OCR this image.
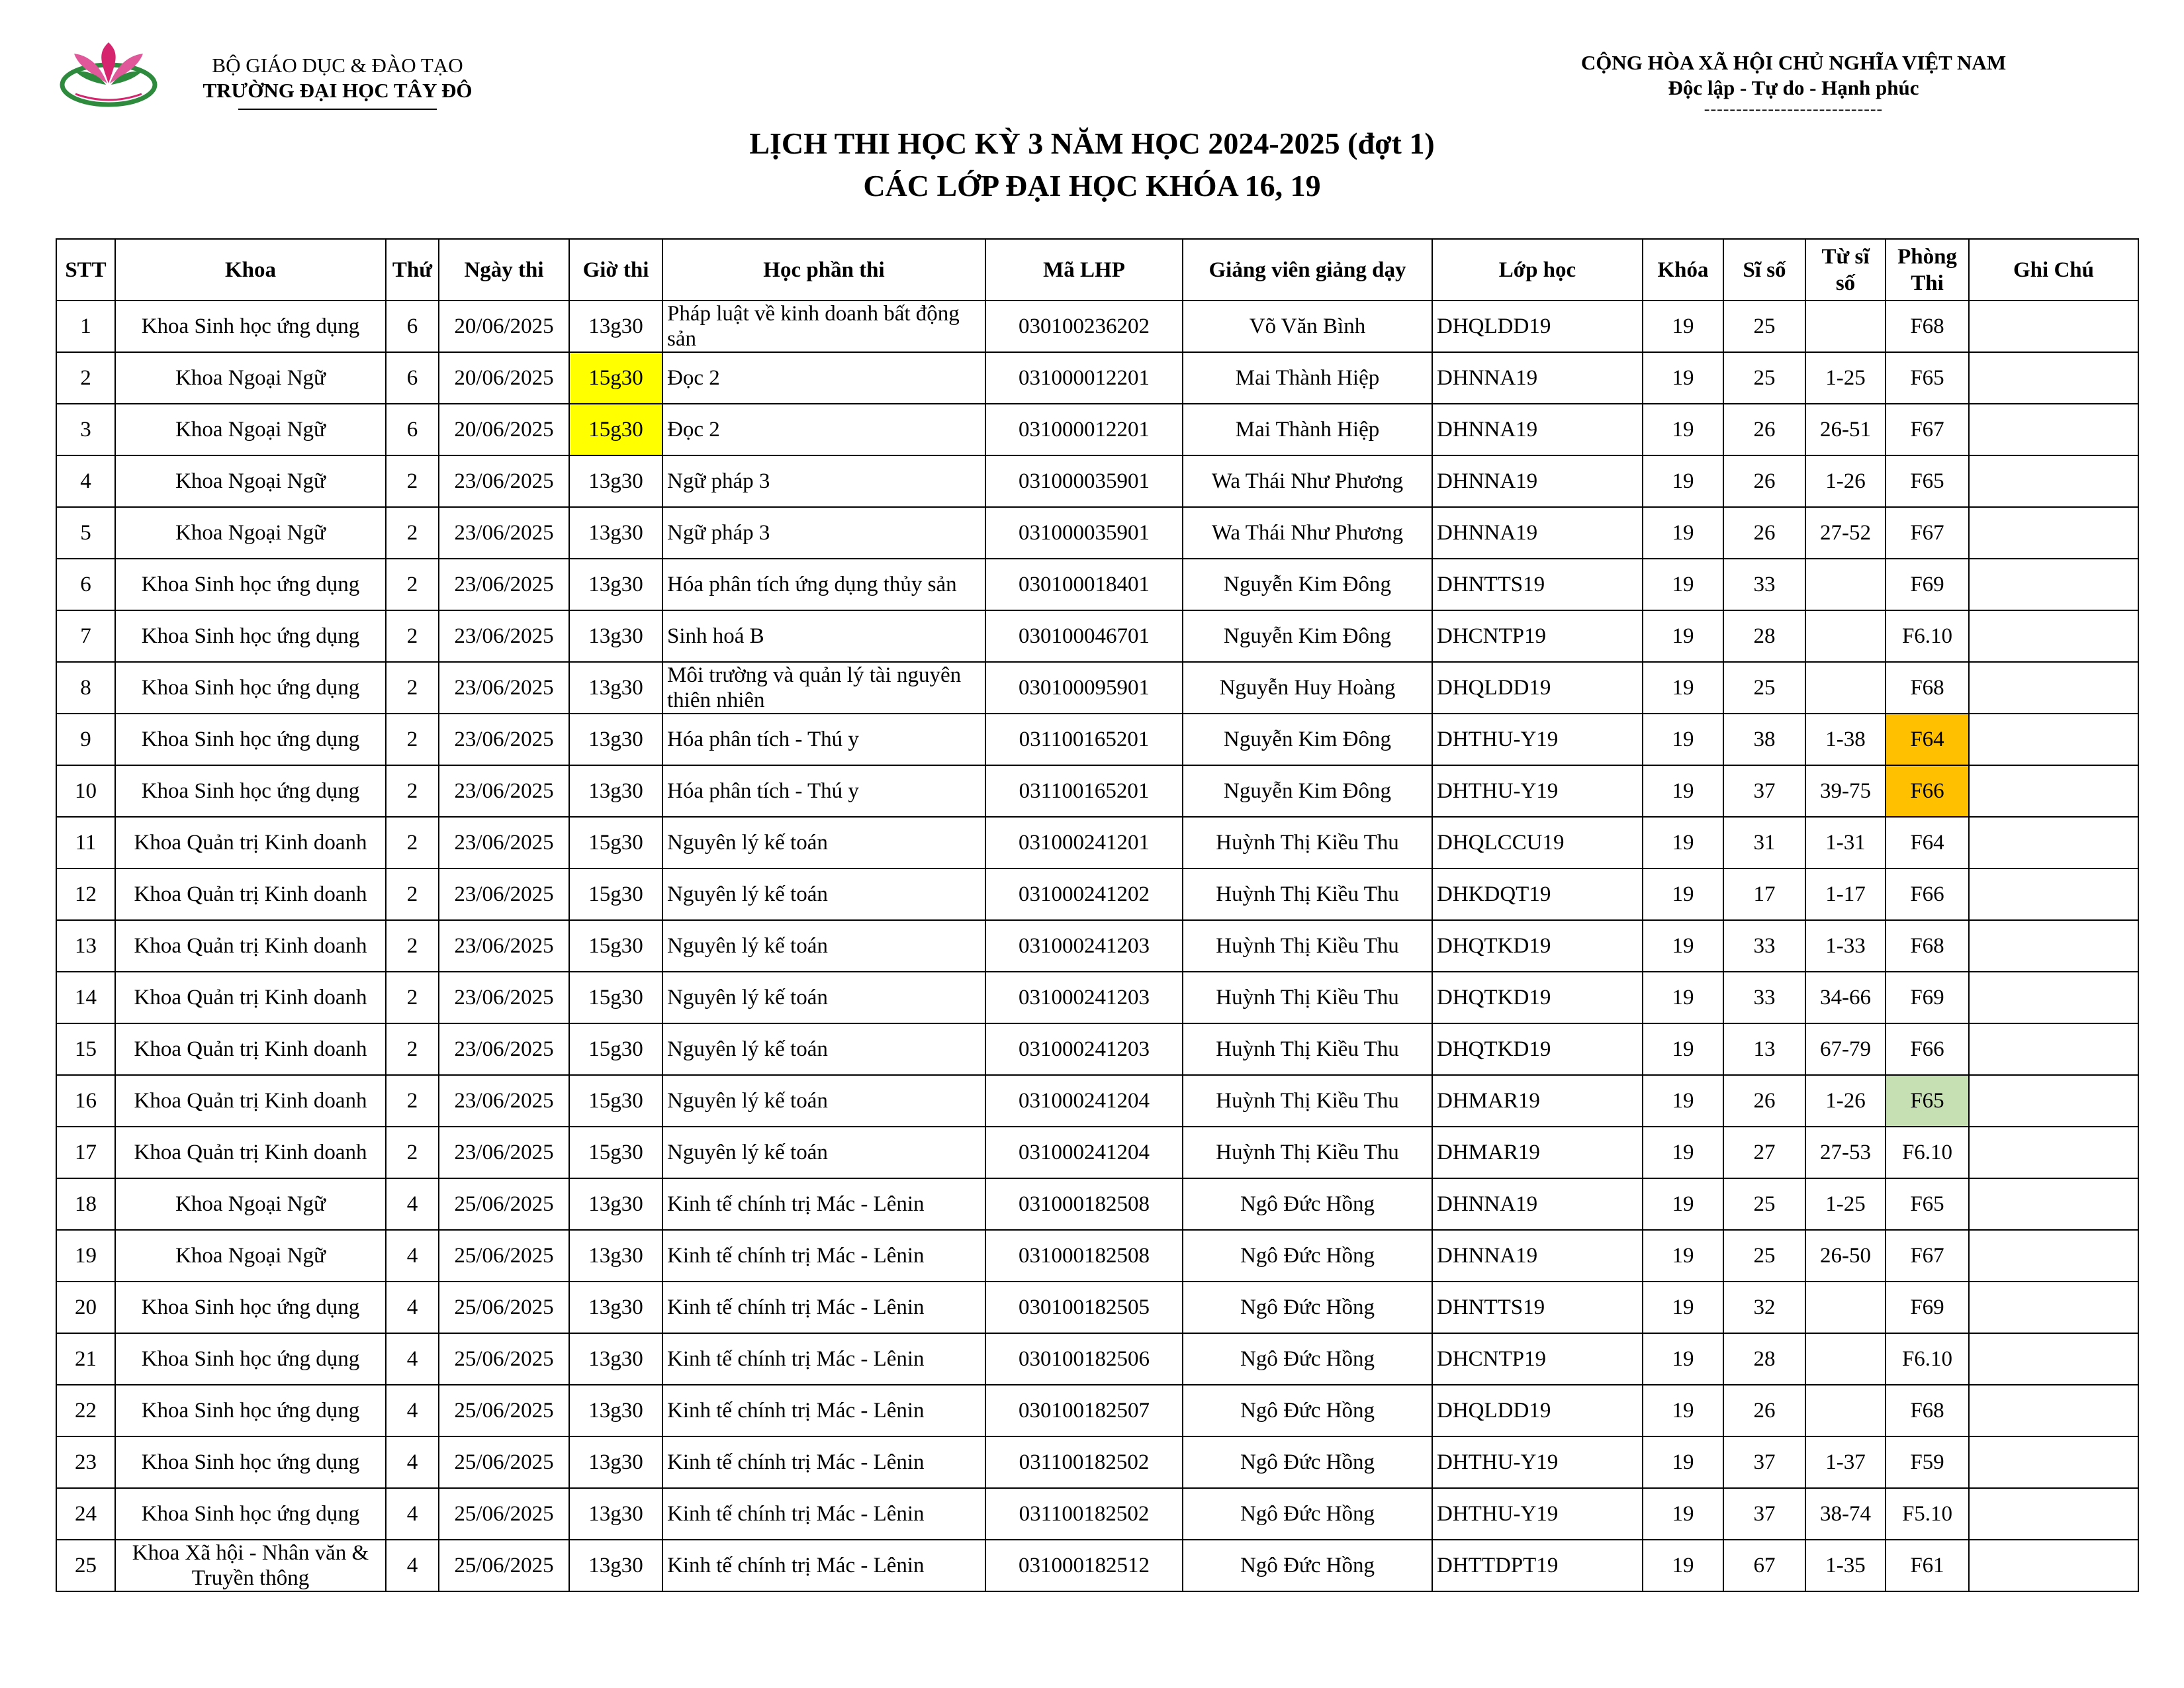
BỘ GIÁO DỤC & ĐÀO TẠO
TRƯỜNG ĐẠI HỌC TÂY ĐÔ
CỘNG HÒA XÃ HỘI CHỦ NGHĨA VIỆT NAM
Độc lập - Tự do - Hạnh phúc
----------------------------
LỊCH THI HỌC KỲ 3 NĂM HỌC 2024-2025 (đợt 1)
CÁC LỚP ĐẠI HỌC KHÓA 16, 19
STT	Khoa	Thứ	Ngày thi	Giờ thi	Học phần thi	Mã LHP	Giảng viên giảng dạy	Lớp học	Khóa	Sĩ số	Từ sĩ số	Phòng Thi	Ghi Chú
1	Khoa Sinh học ứng dụng	6	20/06/2025	13g30	Pháp luật về kinh doanh bất động sản	030100236202	Võ Văn Bình	DHQLDD19	19	25		F68	
2	Khoa Ngoại Ngữ	6	20/06/2025	15g30	Đọc 2	031000012201	Mai Thành Hiệp	DHNNA19	19	25	1-25	F65	
3	Khoa Ngoại Ngữ	6	20/06/2025	15g30	Đọc 2	031000012201	Mai Thành Hiệp	DHNNA19	19	26	26-51	F67	
4	Khoa Ngoại Ngữ	2	23/06/2025	13g30	Ngữ pháp 3	031000035901	Wa Thái Như Phương	DHNNA19	19	26	1-26	F65	
5	Khoa Ngoại Ngữ	2	23/06/2025	13g30	Ngữ pháp 3	031000035901	Wa Thái Như Phương	DHNNA19	19	26	27-52	F67	
6	Khoa Sinh học ứng dụng	2	23/06/2025	13g30	Hóa phân tích ứng dụng thủy sản	030100018401	Nguyễn Kim Đông	DHNTTS19	19	33		F69	
7	Khoa Sinh học ứng dụng	2	23/06/2025	13g30	Sinh hoá B	030100046701	Nguyễn Kim Đông	DHCNTP19	19	28		F6.10	
8	Khoa Sinh học ứng dụng	2	23/06/2025	13g30	Môi trường và quản lý tài nguyên thiên nhiên	030100095901	Nguyễn Huy Hoàng	DHQLDD19	19	25		F68	
9	Khoa Sinh học ứng dụng	2	23/06/2025	13g30	Hóa phân tích - Thú y	031100165201	Nguyễn Kim Đông	DHTHU-Y19	19	38	1-38	F64	
10	Khoa Sinh học ứng dụng	2	23/06/2025	13g30	Hóa phân tích - Thú y	031100165201	Nguyễn Kim Đông	DHTHU-Y19	19	37	39-75	F66	
11	Khoa Quản trị Kinh doanh	2	23/06/2025	15g30	Nguyên lý kế toán	031000241201	Huỳnh Thị Kiều Thu	DHQLCCU19	19	31	1-31	F64	
12	Khoa Quản trị Kinh doanh	2	23/06/2025	15g30	Nguyên lý kế toán	031000241202	Huỳnh Thị Kiều Thu	DHKDQT19	19	17	1-17	F66	
13	Khoa Quản trị Kinh doanh	2	23/06/2025	15g30	Nguyên lý kế toán	031000241203	Huỳnh Thị Kiều Thu	DHQTKD19	19	33	1-33	F68	
14	Khoa Quản trị Kinh doanh	2	23/06/2025	15g30	Nguyên lý kế toán	031000241203	Huỳnh Thị Kiều Thu	DHQTKD19	19	33	34-66	F69	
15	Khoa Quản trị Kinh doanh	2	23/06/2025	15g30	Nguyên lý kế toán	031000241203	Huỳnh Thị Kiều Thu	DHQTKD19	19	13	67-79	F66	
16	Khoa Quản trị Kinh doanh	2	23/06/2025	15g30	Nguyên lý kế toán	031000241204	Huỳnh Thị Kiều Thu	DHMAR19	19	26	1-26	F65	
17	Khoa Quản trị Kinh doanh	2	23/06/2025	15g30	Nguyên lý kế toán	031000241204	Huỳnh Thị Kiều Thu	DHMAR19	19	27	27-53	F6.10	
18	Khoa Ngoại Ngữ	4	25/06/2025	13g30	Kinh tế chính trị Mác - Lênin	031000182508	Ngô Đức Hồng	DHNNA19	19	25	1-25	F65	
19	Khoa Ngoại Ngữ	4	25/06/2025	13g30	Kinh tế chính trị Mác - Lênin	031000182508	Ngô Đức Hồng	DHNNA19	19	25	26-50	F67	
20	Khoa Sinh học ứng dụng	4	25/06/2025	13g30	Kinh tế chính trị Mác - Lênin	030100182505	Ngô Đức Hồng	DHNTTS19	19	32		F69	
21	Khoa Sinh học ứng dụng	4	25/06/2025	13g30	Kinh tế chính trị Mác - Lênin	030100182506	Ngô Đức Hồng	DHCNTP19	19	28		F6.10	
22	Khoa Sinh học ứng dụng	4	25/06/2025	13g30	Kinh tế chính trị Mác - Lênin	030100182507	Ngô Đức Hồng	DHQLDD19	19	26		F68	
23	Khoa Sinh học ứng dụng	4	25/06/2025	13g30	Kinh tế chính trị Mác - Lênin	031100182502	Ngô Đức Hồng	DHTHU-Y19	19	37	1-37	F59	
24	Khoa Sinh học ứng dụng	4	25/06/2025	13g30	Kinh tế chính trị Mác - Lênin	031100182502	Ngô Đức Hồng	DHTHU-Y19	19	37	38-74	F5.10	
25	Khoa Xã hội - Nhân văn & Truyền thông	4	25/06/2025	13g30	Kinh tế chính trị Mác - Lênin	031000182512	Ngô Đức Hồng	DHTTDPT19	19	67	1-35	F61	
